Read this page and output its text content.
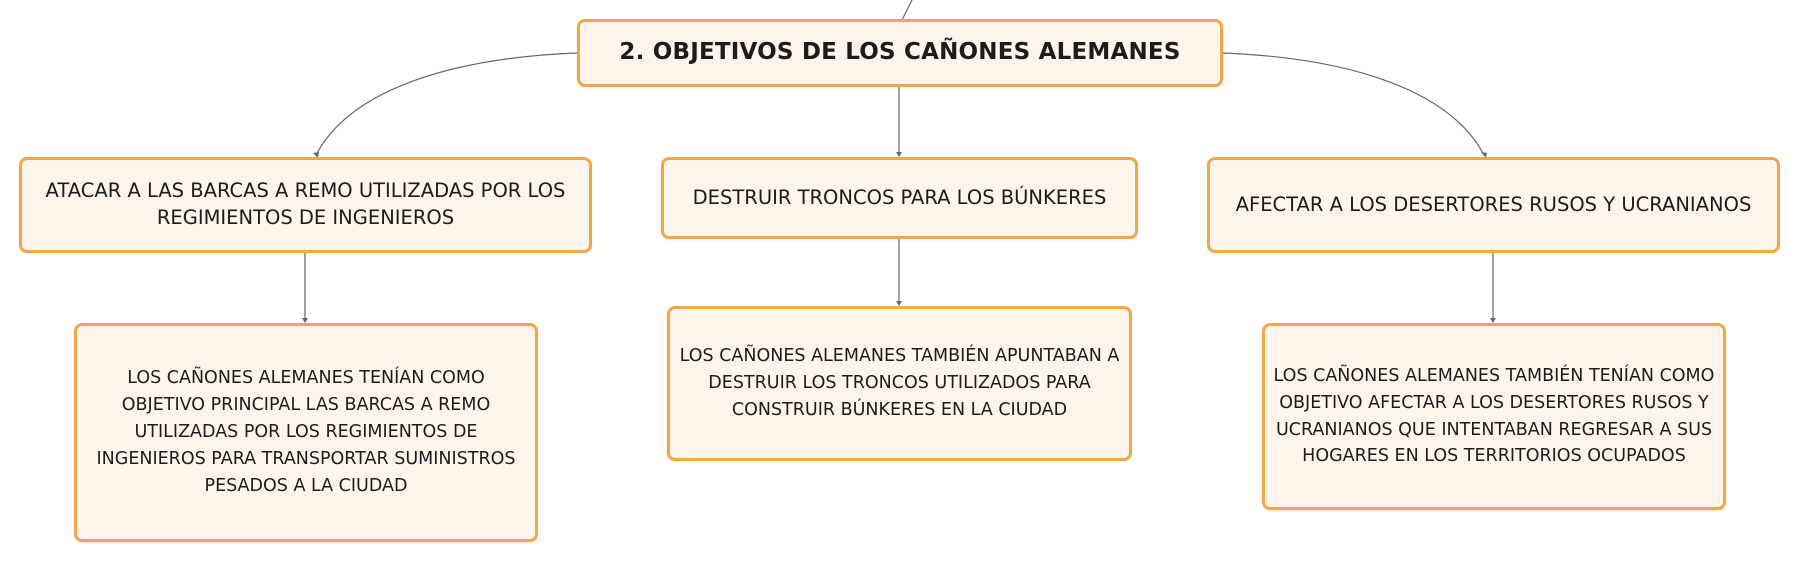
2. OBJETIVOS DE LOS CAÑONES ALEMANES
ATACAR A LAS BARCAS A REMO UTILIZADAS POR LOS REGIMIENTOS DE INGENIEROS
DESTRUIR TRONCOS PARA LOS BÚNKERES	AFECTAR A LOS DESERTORES RUSOS Y UCRANIANOS
LOS CAÑONES ALEMANES TENÍAN COMO OBJETIVO PRINCIPAL LAS BARCAS A REMO UTILIZADAS POR LOS REGIMIENTOS DE INGENIEROS PARA TRANSPORTAR SUMINISTROS PESADOS A LA CIUDAD
LOS CAÑONES ALEMANES TAMBIÉN APUNTABAN A DESTRUIR LOS TRONCOS UTILIZADOS PARA CONSTRUIR BÚNKERES EN LA CIUDAD
LOS CAÑONES ALEMANES TAMBIÉN TENÍAN COMO OBJETIVO AFECTAR A LOS DESERTORES RUSOS Y UCRANIANOS QUE INTENTABAN REGRESAR A SUS HOGARES EN LOS TERRITORIOS OCUPADOS
